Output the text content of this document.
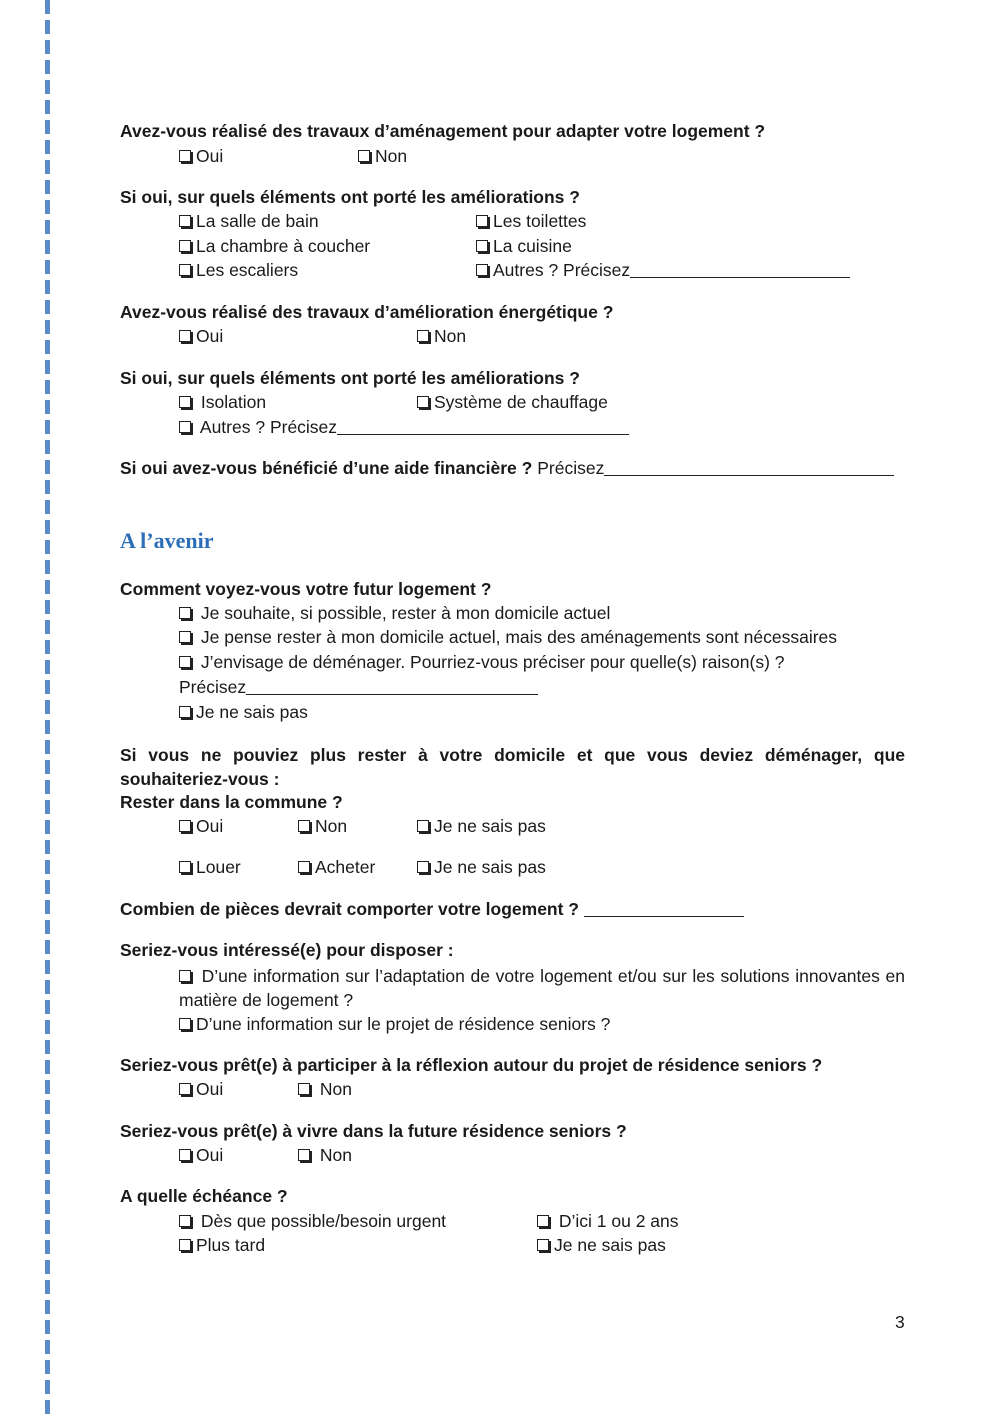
Avez-vous réalisé des travaux d’aménagement pour adapter votre logement ?
Oui	Non
Si oui, sur quels éléments ont porté les améliorations ?
La salle de bain	Les toilettes
La chambre à coucher	La cuisine
Les escaliers	Autres ? Précisez
Avez-vous réalisé des travaux d’amélioration énergétique ?
Oui	Non
Si oui, sur quels éléments ont porté les améliorations ?
Isolation	Système de chauffage
Autres ? Précisez
Si oui avez-vous bénéficié d’une aide financière ? Précisez
A l’avenir
Comment voyez-vous votre futur logement ?
Je souhaite, si possible, rester à mon domicile actuel
Je pense rester à mon domicile actuel, mais des aménagements sont nécessaires
J’envisage de déménager. Pourriez-vous préciser pour quelle(s) raison(s) ?
Précisez
Je ne sais pas
Si vous ne pouviez plus rester à votre domicile et que vous deviez déménager, que souhaiteriez-vous :
Rester dans la commune ?
Oui	Non	Je ne sais pas
Louer	Acheter	Je ne sais pas
Combien de pièces devrait comporter votre logement ?
Seriez-vous intéressé(e) pour disposer :
D’une information sur l’adaptation de votre logement et/ou sur les solutions innovantes en matière de logement ?
D’une information sur le projet de résidence seniors ?
Seriez-vous prêt(e) à participer à la réflexion autour du projet de résidence seniors ?
Oui	Non
Seriez-vous prêt(e) à vivre dans la future résidence seniors ?
Oui	Non
A quelle échéance ?
Dès que possible/besoin urgent	D’ici 1 ou 2 ans
Plus tard	Je ne sais pas
3
